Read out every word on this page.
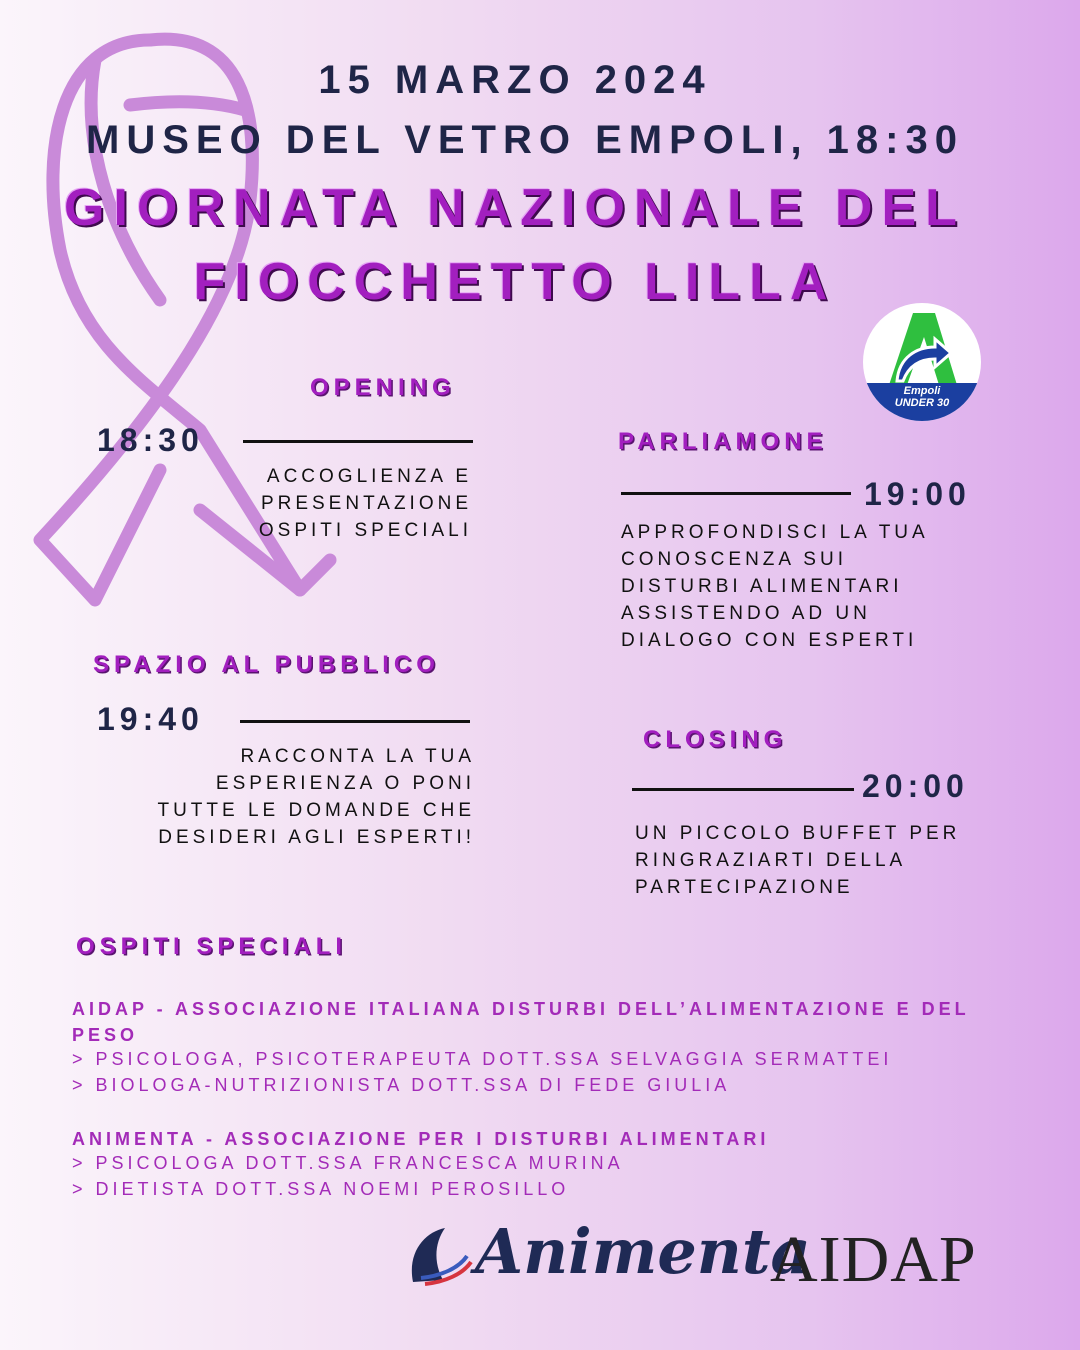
15 MARZO 2024
MUSEO DEL VETRO EMPOLI, 18:30
GIORNATA NAZIONALE DEL
FIOCCHETTO LILLA
Empoli
UNDER 30
OPENING
18:30
ACCOGLIENZA E
PRESENTAZIONE
OSPITI SPECIALI
PARLIAMONE
19:00
APPROFONDISCI LA TUA
CONOSCENZA SUI
DISTURBI ALIMENTARI
ASSISTENDO AD UN
DIALOGO CON ESPERTI
SPAZIO AL PUBBLICO
19:40
RACCONTA LA TUA
ESPERIENZA O PONI
TUTTE LE DOMANDE CHE
DESIDERI AGLI ESPERTI!
CLOSING
20:00
UN PICCOLO BUFFET PER
RINGRAZIARTI DELLA
PARTECIPAZIONE
OSPITI SPECIALI
AIDAP - ASSOCIAZIONE ITALIANA DISTURBI DELL’ALIMENTAZIONE E DEL PESO
> PSICOLOGA, PSICOTERAPEUTA DOTT.SSA SELVAGGIA SERMATTEI
> BIOLOGA-NUTRIZIONISTA DOTT.SSA DI FEDE GIULIA
ANIMENTA - ASSOCIAZIONE PER I DISTURBI ALIMENTARI
> PSICOLOGA DOTT.SSA FRANCESCA MURINA
> DIETISTA DOTT.SSA NOEMI PEROSILLO
Animenta
AIDAP
